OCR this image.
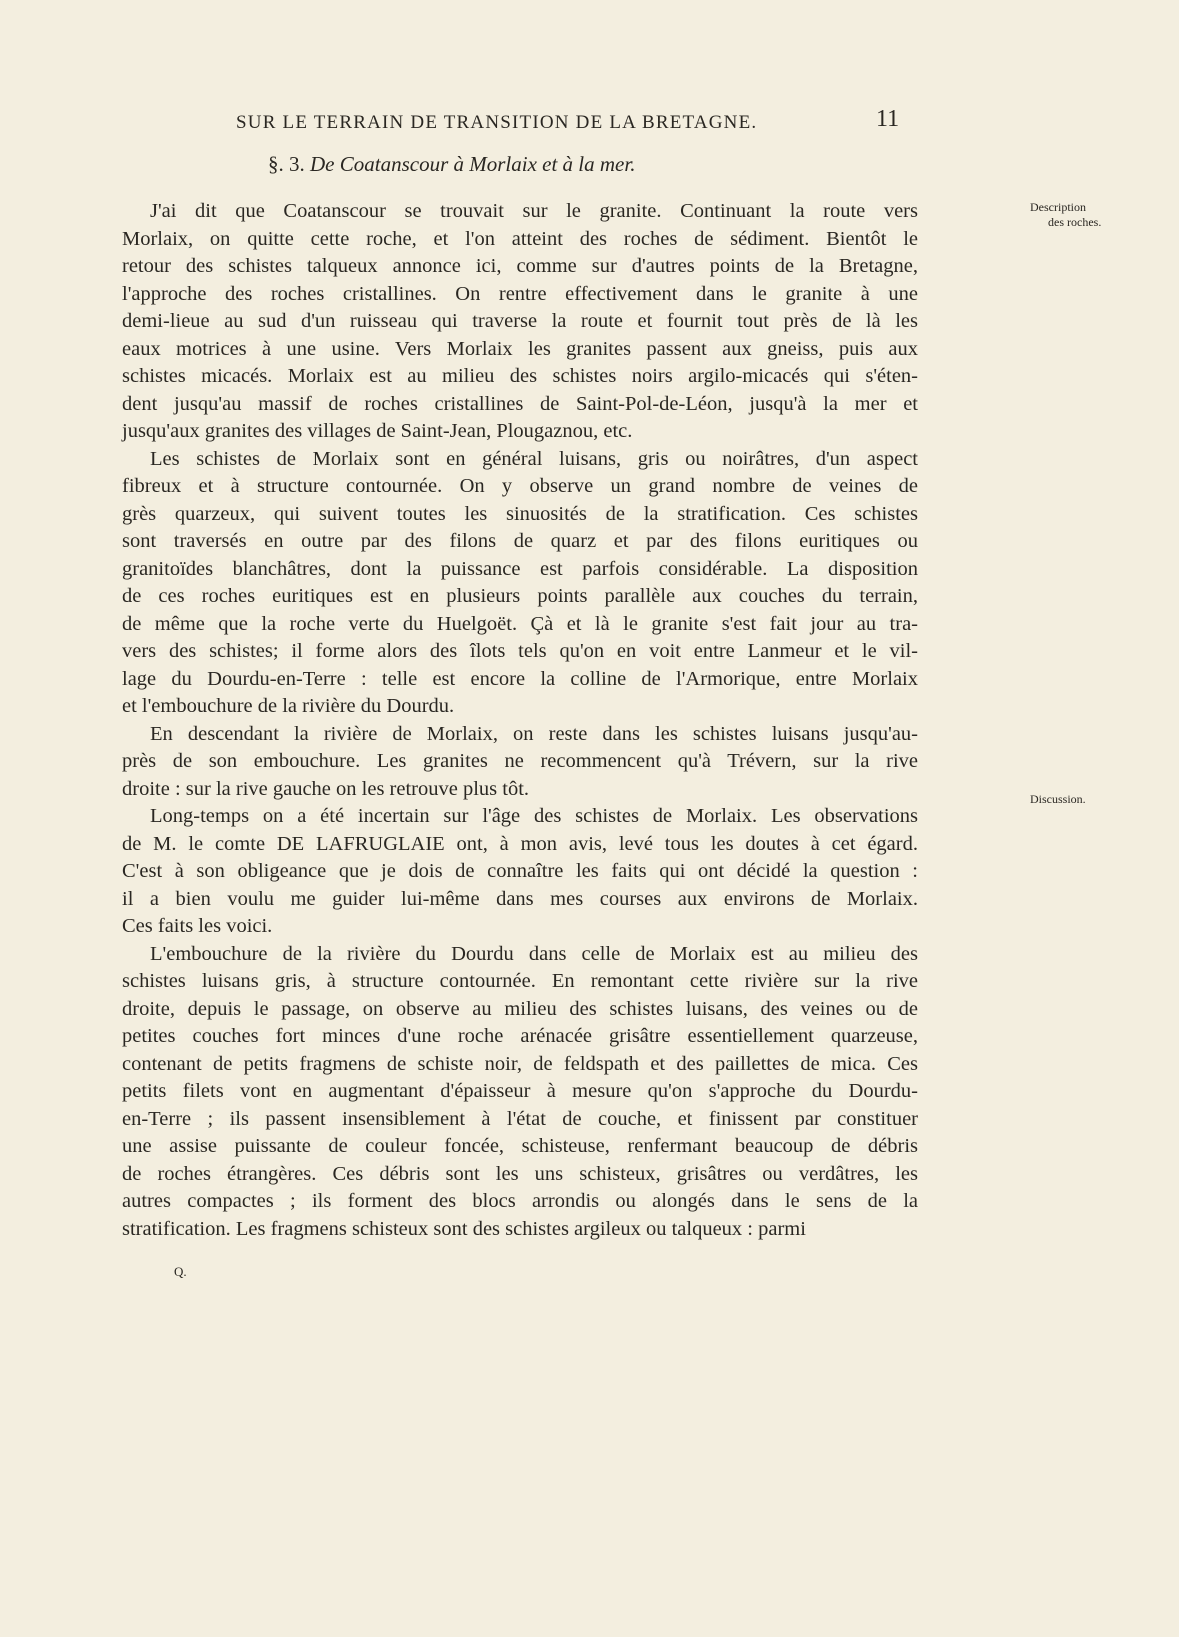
SUR LE TERRAIN DE TRANSITION DE LA BRETAGNE.	11
§. 3. De Coatanscour à Morlaix et à la mer.
J'ai dit que Coatanscour se trouvait sur le granite. Continuant la route vers
Morlaix, on quitte cette roche, et l'on atteint des roches de sédiment. Bientôt le
retour des schistes talqueux annonce ici, comme sur d'autres points de la Bretagne,
l'approche des roches cristallines. On rentre effectivement dans le granite à une
demi-lieue au sud d'un ruisseau qui traverse la route et fournit tout près de là les
eaux motrices à une usine. Vers Morlaix les granites passent aux gneiss, puis aux
schistes micacés. Morlaix est au milieu des schistes noirs argilo-micacés qui s'éten-
dent jusqu'au massif de roches cristallines de Saint-Pol-de-Léon, jusqu'à la mer et
jusqu'aux granites des villages de Saint-Jean, Plougaznou, etc.
Les schistes de Morlaix sont en général luisans, gris ou noirâtres, d'un aspect
fibreux et à structure contournée. On y observe un grand nombre de veines de
grès quarzeux, qui suivent toutes les sinuosités de la stratification. Ces schistes
sont traversés en outre par des filons de quarz et par des filons euritiques ou
granitoïdes blanchâtres, dont la puissance est parfois considérable. La disposition
de ces roches euritiques est en plusieurs points parallèle aux couches du terrain,
de même que la roche verte du Huelgoët. Çà et là le granite s'est fait jour au tra-
vers des schistes; il forme alors des îlots tels qu'on en voit entre Lanmeur et le vil-
lage du Dourdu-en-Terre : telle est encore la colline de l'Armorique, entre Morlaix
et l'embouchure de la rivière du Dourdu.
En descendant la rivière de Morlaix, on reste dans les schistes luisans jusqu'au-
près de son embouchure. Les granites ne recommencent qu'à Trévern, sur la rive
droite : sur la rive gauche on les retrouve plus tôt.
Long-temps on a été incertain sur l'âge des schistes de Morlaix. Les observations
de M. le comte DE LAFRUGLAIE ont, à mon avis, levé tous les doutes à cet égard.
C'est à son obligeance que je dois de connaître les faits qui ont décidé la question :
il a bien voulu me guider lui-même dans mes courses aux environs de Morlaix.
Ces faits les voici.
L'embouchure de la rivière du Dourdu dans celle de Morlaix est au milieu des
schistes luisans gris, à structure contournée. En remontant cette rivière sur la rive
droite, depuis le passage, on observe au milieu des schistes luisans, des veines ou de
petites couches fort minces d'une roche arénacée grisâtre essentiellement quarzeuse,
contenant de petits fragmens de schiste noir, de feldspath et des paillettes de mica. Ces
petits filets vont en augmentant d'épaisseur à mesure qu'on s'approche du Dourdu-
en-Terre ; ils passent insensiblement à l'état de couche, et finissent par constituer
une assise puissante de couleur foncée, schisteuse, renfermant beaucoup de débris
de roches étrangères. Ces débris sont les uns schisteux, grisâtres ou verdâtres, les
autres compactes ; ils forment des blocs arrondis ou alongés dans le sens de la
stratification. Les fragmens schisteux sont des schistes argileux ou talqueux : parmi
Description
des roches.
Discussion.
Q.
